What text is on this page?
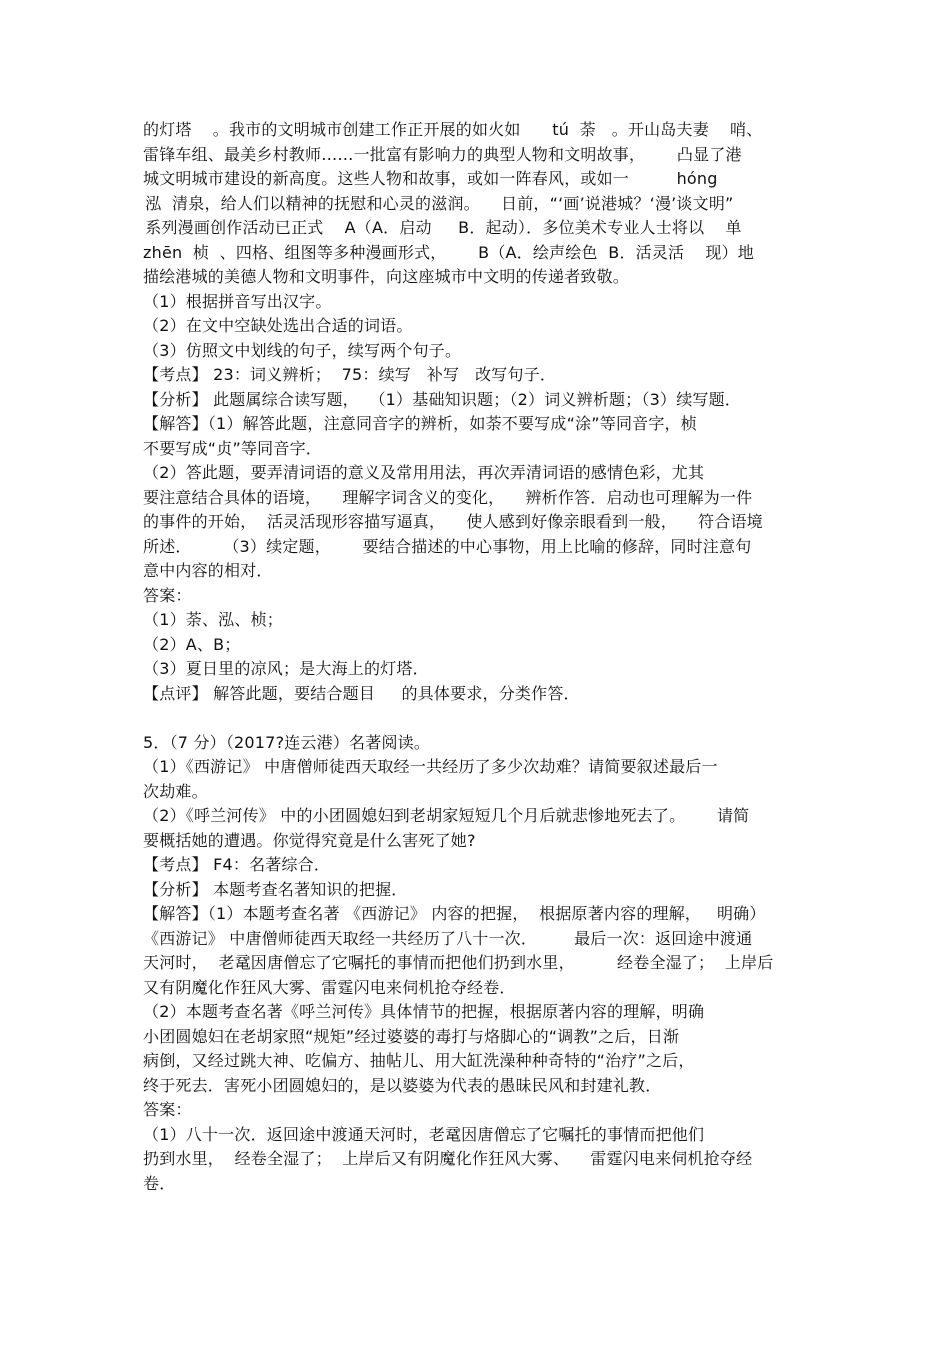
的灯塔    。我市的文明城市创建工作正开展的如火如      tú  荼   。开山岛夫妻    哨、
雷锋车组、最美乡村教师……一批富有影响力的典型人物和文明故事，      凸显了港
城文明城市建设的新高度。这些人物和故事，或如一阵春风，或如一         hóng
泓  清泉，给人们以精神的抚慰和心灵的滋润。    日前，“‘画’说港城？‘漫’谈文明”
系列漫画创作活动已正式    A（A．启动     B．起动）．多位美术专业人士将以    单
zhēn  桢  、四格、组图等多种漫画形式，      B（A．绘声绘色  B．活灵活    现）地
描绘港城的美德人物和文明事件，向这座城市中文明的传递者致敬。
（1）根据拼音写出汉字。
（2）在文中空缺处选出合适的词语。
（3）仿照文中划线的句子，续写两个句子。
【考点】 23：词义辨析；  75：续写   补写   改写句子．
【分析】 此题属综合读写题，  （1）基础知识题；（2）词义辨析题；（3）续写题．
【解答】（1）解答此题，注意同音字的辨析，如荼不要写成“涂”等同音字，桢
不要写成“贞”等同音字．
（2）答此题，要弄清词语的意义及常用用法，再次弄清词语的感情色彩，尤其
要注意结合具体的语境，    理解字词含义的变化，    辨析作答．启动也可理解为一件
的事件的开始，  活灵活现形容描写逼真，    使人感到好像亲眼看到一般，    符合语境
所述．      （3）续定题，      要结合描述的中心事物，用上比喻的修辞，同时注意句
意中内容的相对．
答案：
（1）荼、泓、桢；
（2）A、B；
（3）夏日里的凉风；是大海上的灯塔．
【点评】 解答此题，要结合题目     的具体要求，分类作答．
5．（7 分）（2017?连云港）名著阅读。
（1）《西游记》 中唐僧师徒西天取经一共经历了多少次劫难？请简要叙述最后一
次劫难。
（2）《呼兰河传》 中的小团圆媳妇到老胡家短短几个月后就悲惨地死去了。      请简
要概括她的遭遇。你觉得究竟是什么害死了她?
【考点】 F4：名著综合．
【分析】 本题考查名著知识的把握．
【解答】（1）本题考查名著 《西游记》 内容的把握，  根据原著内容的理解，   明确）
《西游记》 中唐僧师徒西天取经一共经历了八十一次．       最后一次：返回途中渡通
天河时，  老鼋因唐僧忘了它嘱托的事情而把他们扔到水里，        经卷全湿了；  上岸后
又有阴魔化作狂风大雾、雷霆闪电来伺机抢夺经卷．
（2）本题考查名著《呼兰河传》具体情节的把握，根据原著内容的理解，明确
小团圆媳妇在老胡家照“规矩”经过婆婆的毒打与烙脚心的“调教”之后，日渐
病倒，又经过跳大神、吃偏方、抽帖儿、用大缸洗澡种种奇特的“治疗”之后，
终于死去．害死小团圆媳妇的，是以婆婆为代表的愚昧民风和封建礼教．
答案：
（1）八十一次．返回途中渡通天河时，老鼋因唐僧忘了它嘱托的事情而把他们
扔到水里，  经卷全湿了；  上岸后又有阴魔化作狂风大雾、    雷霆闪电来伺机抢夺经
卷．
